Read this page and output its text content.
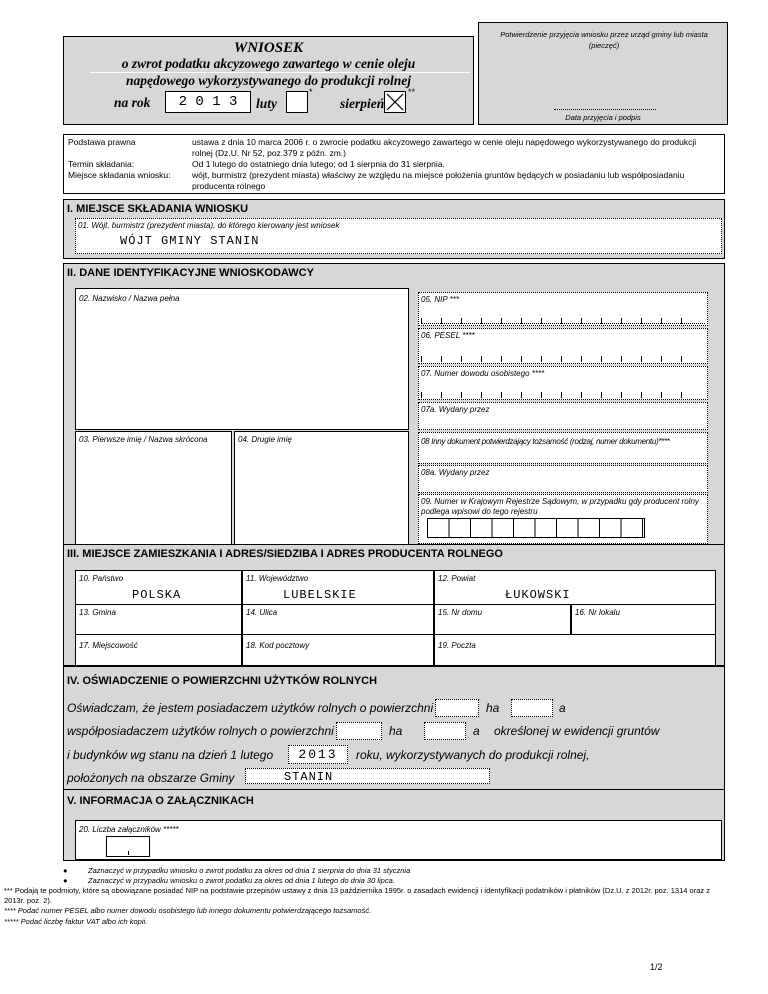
WNIOSEK
o zwrot podatku akcyzowego zawartego w cenie oleju
napędowego wykorzystywanego do produkcji rolnej
na rok	2 0 1 3	luty
*
sierpień
**
Potwierdzenie przyjęcia wniosku przez urząd gminy lub miasta (pieczęć)
Data przyjęcia i podpis
Podstawa prawna	ustawa z dnia 10 marca 2006 r. o zwrocie podatku akcyzowego zawartego w cenie oleju napędowego wykorzystywanego do produkcji rolnej (Dz.U. Nr 52, poz.379 z późn. zm.)
Termin składania:	Od 1 lutego do ostatniego dnia lutego; od 1 sierpnia do 31 sierpnia.
Miejsce składania wniosku:	wójt, burmistrz (prezydent miasta) właściwy ze względu na miejsce położenia gruntów będących w posiadaniu lub współposiadaniu producenta rolnego
I. MIEJSCE SKŁADANIA WNIOSKU
01. Wójt, burmistrz (prezydent miasta), do którego kierowany jest wniosek
WÓJT GMINY STANIN
II. DANE IDENTYFIKACYJNE WNIOSKODAWCY
02. Nazwisko / Nazwa pełna
03. Pierwsze imię / Nazwa skrócona	04. Drugie imię
05. NIP ***
06. PESEL ****
07. Numer dowodu osobistego ****
07a. Wydany przez
08 Inny dokument potwierdzający tożsamość (rodzaj, numer dokumentu)****
08a. Wydany przez
09. Numer w Krajowym Rejestrze Sądowym, w przypadku gdy producent rolny podlega wpisowi do tego rejestru
III. MIEJSCE ZAMIESZKANIA I ADRES/SIEDZIBA I ADRES PRODUCENTA ROLNEGO
10. Państwo
POLSKA
11. Województwo
LUBELSKIE
12. Powiat
ŁUKOWSKI
13. Gmina	14. Ulica	15. Nr domu	16. Nr lokalu
17. Miejscowość	18. Kod pocztowy	19. Poczta
IV. OŚWIADCZENIE O POWIERZCHNI UŻYTKÓW ROLNYCH
Oświadczam, że jestem posiadaczem użytków rolnych o powierzchni	ha	a
współposiadaczem użytków rolnych o powierzchni	ha	a określonej w ewidencji gruntów
i budynków wg stanu na dzień 1 lutego	2013	roku, wykorzystywanych do produkcji rolnej,
położonych na obszarze Gminy	STANIN
V. INFORMACJA O ZAŁĄCZNIKACH
20. Liczba załączników *****
●	Zaznaczyć w przypadku wniosku o zwrot podatku za okres od dnia 1 sierpnia do dnia 31 stycznia
●	Zaznaczyć w przypadku wniosku o zwrot podatku za okres od dnia 1 lutego do dnia 30 lipca.
*** Podają te podmioty, które są obowiązane posiadać NIP na podstawie przepisów ustawy z dnia 13 października 1995r. o zasadach ewidencji i identyfikacji podatników i płatników (Dz.U. z 2012r. poz. 1314 oraz z 2013r. poz. 2).
**** Podać numer PESEL albo numer dowodu osobistego lub innego dokumentu potwierdzającego tożsamość.
***** Podać liczbę faktur VAT albo ich kopii.
1/2
